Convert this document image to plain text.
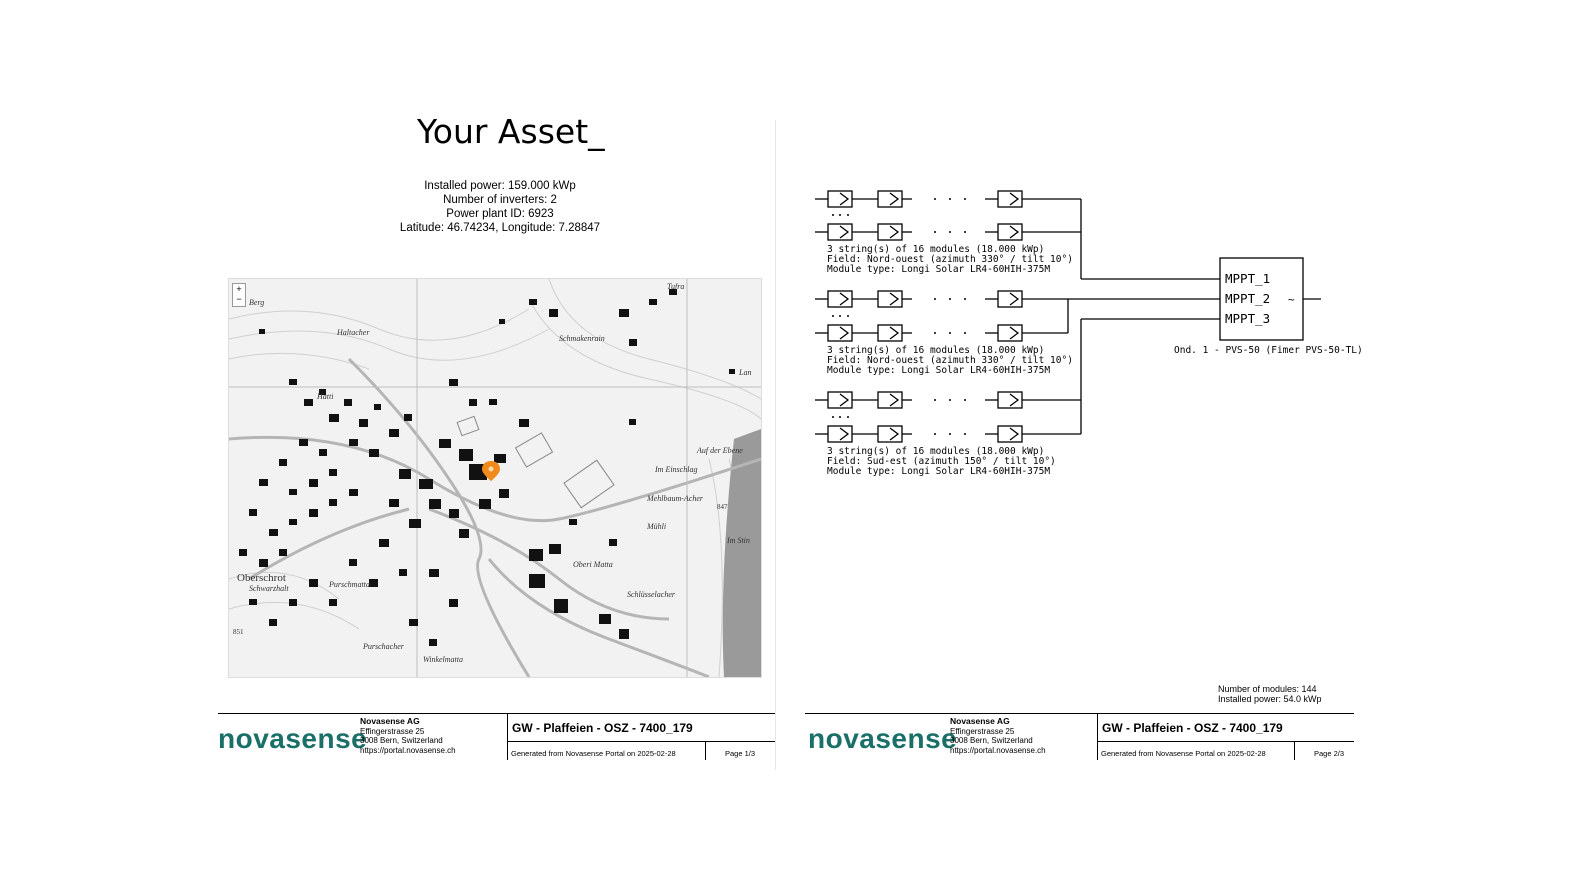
Your Asset_
Installed power: 159.000 kWp
Number of inverters: 2
Power plant ID: 6923
Latitude: 46.74234, Longitude: 7.28847
Berg
Haltacher
Tufra
Schmakenrain
Lan
Hatti
Auf der Ebene
Im Einschlag
Mehlbaum-Acher
Mühli
Im Stin
Oberi Matta
Schlüsselacher
Oberschrot
Schwarzhalt	Purschmatta
Purschacher
Winkelmatta
847
851
+
−
novasense
Novasense AG
Effingerstrasse 25
3008 Bern, Switzerland
https://portal.novasense.ch
GW - Plaffeien - OSZ - 7400_179
Generated from Novasense Portal on 2025-02-28	Page 1/3
3 string(s) of 16 modules (18.000 kWp)
Field: Nord-ouest (azimuth 330° / tilt 10°)
Module type: Longi Solar LR4-60HIH-375M
3 string(s) of 16 modules (18.000 kWp)
Field: Nord-ouest (azimuth 330° / tilt 10°)
Module type: Longi Solar LR4-60HIH-375M
3 string(s) of 16 modules (18.000 kWp)
Field: Sud-est (azimuth 150° / tilt 10°)
Module type: Longi Solar LR4-60HIH-375M
Ond. 1 - PVS-50 (Fimer PVS-50-TL)
MPPT_1
MPPT_2
MPPT_3
~
Number of modules: 144
Installed power: 54.0 kWp
novasense
Novasense AG
Effingerstrasse 25
3008 Bern, Switzerland
https://portal.novasense.ch
GW - Plaffeien - OSZ - 7400_179
Generated from Novasense Portal on 2025-02-28	Page 2/3
